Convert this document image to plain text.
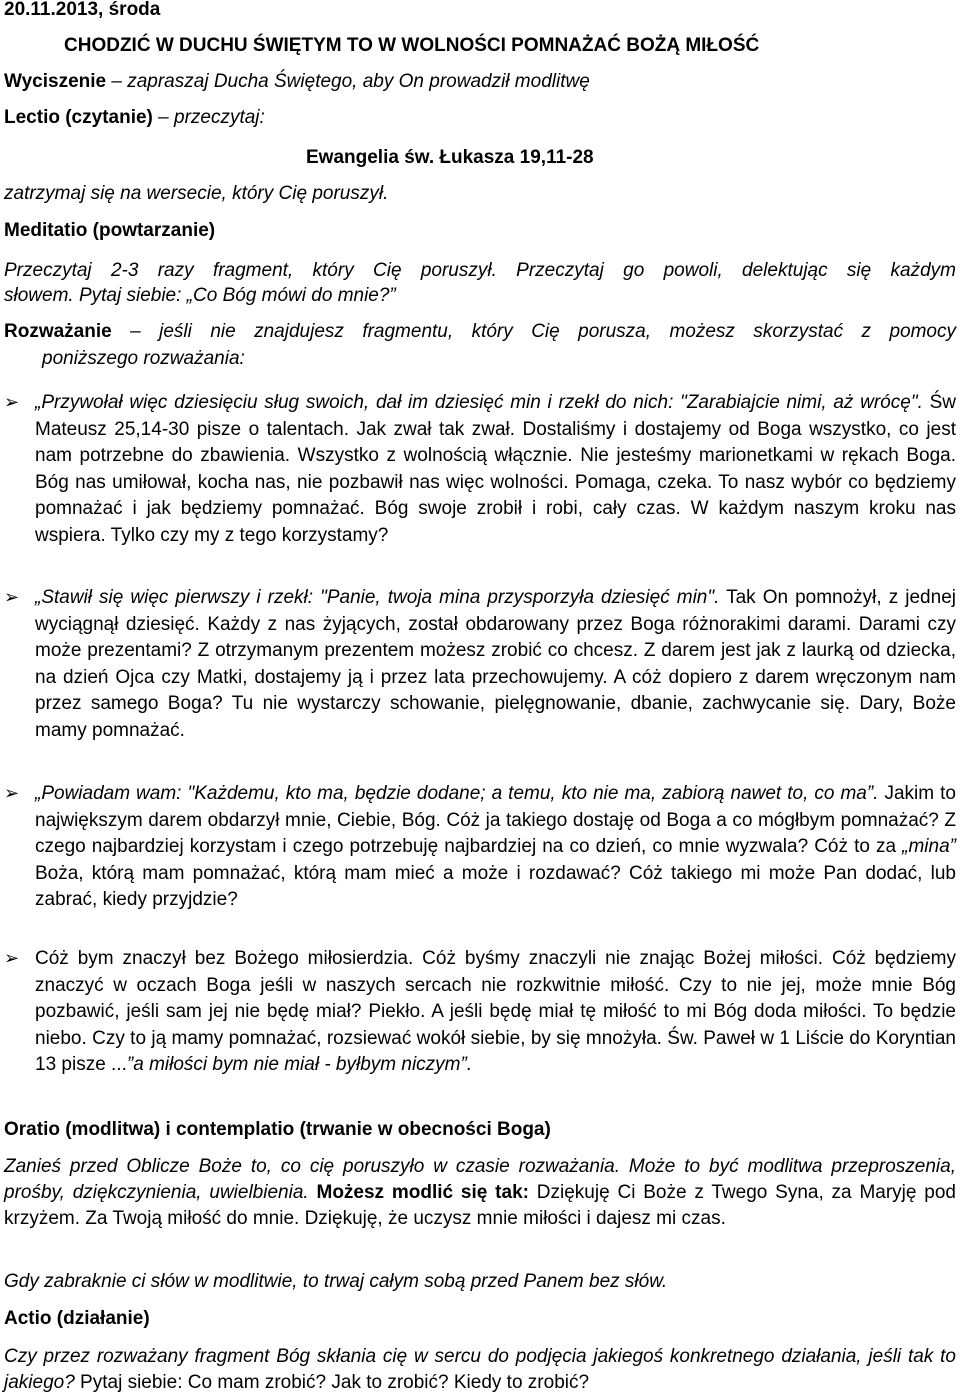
20.11.2013, środa
CHODZIĆ W DUCHU ŚWIĘTYM TO W WOLNOŚCI POMNAŻAĆ BOŻĄ MIŁOŚĆ
Wyciszenie – zapraszaj Ducha Świętego, aby On prowadził modlitwę
Lectio (czytanie) – przeczytaj:
Ewangelia św. Łukasza 19,11-28
zatrzymaj się na wersecie, który Cię poruszył.
Meditatio (powtarzanie)
Przeczytaj 2-3 razy fragment, który Cię poruszył. Przeczytaj go powoli, delektując się każdym
słowem. Pytaj siebie: „Co Bóg mówi do mnie?”
Rozważanie – jeśli nie znajdujesz fragmentu, który Cię porusza, możesz skorzystać z pomocy
poniższego rozważania:
➢ „Przywołał więc dziesięciu sług swoich, dał im dziesięć min i rzekł do nich: "Zarabiajcie nimi, aż wrócę". Św Mateusz 25,14-30 pisze o talentach. Jak zwał tak zwał. Dostaliśmy i dostajemy od Boga wszystko, co jest nam potrzebne do zbawienia. Wszystko z wolnością włącznie. Nie jesteśmy marionetkami w rękach Boga. Bóg nas umiłował, kocha nas, nie pozbawił nas więc wolności. Pomaga, czeka. To nasz wybór co będziemy pomnażać i jak będziemy pomnażać. Bóg swoje zrobił i robi, cały czas. W każdym naszym kroku nas wspiera. Tylko czy my z tego korzystamy?
➢ „Stawił się więc pierwszy i rzekł: "Panie, twoja mina przysporzyła dziesięć min". Tak On pomnożył, z jednej wyciągnął dziesięć. Każdy z nas żyjących, został obdarowany przez Boga różnorakimi darami. Darami czy może prezentami? Z otrzymanym prezentem możesz zrobić co chcesz. Z darem jest jak z laurką od dziecka, na dzień Ojca czy Matki, dostajemy ją i przez lata przechowujemy. A cóż dopiero z darem wręczonym nam przez samego Boga? Tu nie wystarczy schowanie, pielęgnowanie, dbanie, zachwycanie się. Dary, Boże mamy pomnażać.
➢ „Powiadam wam: "Każdemu, kto ma, będzie dodane; a temu, kto nie ma, zabiorą nawet to, co ma”. Jakim to największym darem obdarzył mnie, Ciebie, Bóg. Cóż ja takiego dostaję od Boga a co mógłbym pomnażać? Z czego najbardziej korzystam i czego potrzebuję najbardziej na co dzień, co mnie wyzwala? Cóż to za „mina” Boża, którą mam pomnażać, którą mam mieć a może i rozdawać? Cóż takiego mi może Pan dodać, lub zabrać, kiedy przyjdzie?
➢ Cóż bym znaczył bez Bożego miłosierdzia. Cóż byśmy znaczyli nie znając Bożej miłości. Cóż będziemy znaczyć w oczach Boga jeśli w naszych sercach nie rozkwitnie miłość. Czy to nie jej, może mnie Bóg pozbawić, jeśli sam jej nie będę miał? Piekło. A jeśli będę miał tę miłość to mi Bóg doda miłości. To będzie niebo. Czy to ją mamy pomnażać, rozsiewać wokół siebie, by się mnożyła. Św. Paweł w 1 Liście do Koryntian 13 pisze ...”a miłości bym nie miał - byłbym niczym”.
Oratio (modlitwa) i contemplatio (trwanie w obecności Boga)
Zanieś przed Oblicze Boże to, co cię poruszyło w czasie rozważania. Może to być modlitwa przeproszenia, prośby, dziękczynienia, uwielbienia. Możesz modlić się tak: Dziękuję Ci Boże z Twego Syna, za Maryję pod krzyżem. Za Twoją miłość do mnie. Dziękuję, że uczysz mnie miłości i dajesz mi czas.
Gdy zabraknie ci słów w modlitwie, to trwaj całym sobą przed Panem bez słów.
Actio (działanie)
Czy przez rozważany fragment Bóg skłania cię w sercu do podjęcia jakiegoś konkretnego działania, jeśli tak to jakiego? Pytaj siebie: Co mam zrobić? Jak to zrobić? Kiedy to zrobić?
